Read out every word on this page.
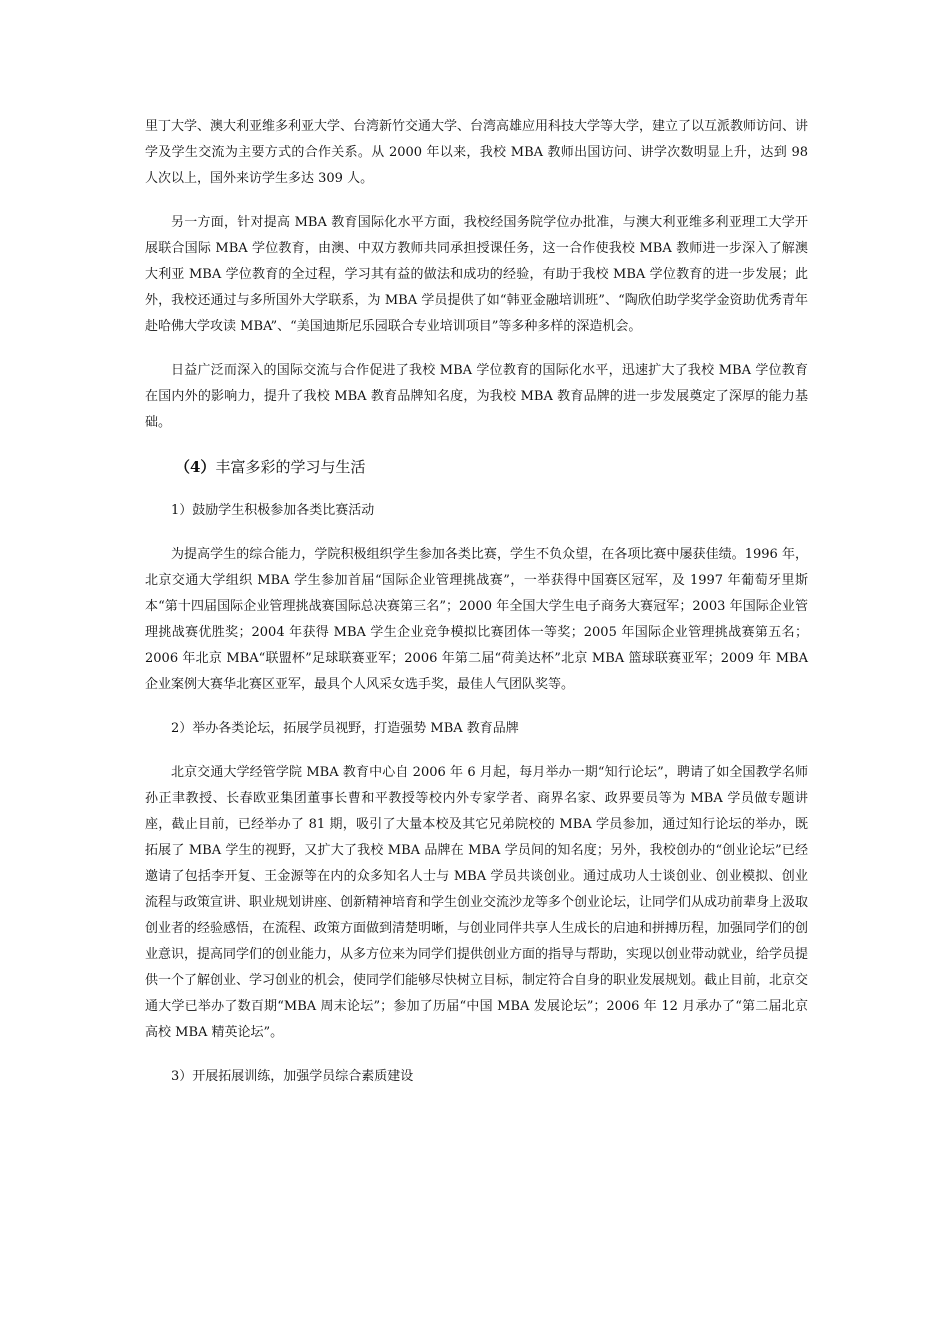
里丁大学、澳大利亚维多利亚大学、台湾新竹交通大学、台湾高雄应用科技大学等大学，建立了以互派教师访问、讲学及学生交流为主要方式的合作关系。从 2000 年以来，我校 MBA 教师出国访问、讲学次数明显上升，达到 98 人次以上，国外来访学生多达 309 人。

另一方面，针对提高 MBA 教育国际化水平方面，我校经国务院学位办批准，与澳大利亚维多利亚理工大学开展联合国际 MBA 学位教育，由澳、中双方教师共同承担授课任务，这一合作使我校 MBA 教师进一步深入了解澳大利亚 MBA 学位教育的全过程，学习其有益的做法和成功的经验，有助于我校 MBA 学位教育的进一步发展；此外，我校还通过与多所国外大学联系，为 MBA 学员提供了如“韩亚金融培训班”、“陶欣伯助学奖学金资助优秀青年赴哈佛大学攻读 MBA”、“美国迪斯尼乐园联合专业培训项目”等多种多样的深造机会。

日益广泛而深入的国际交流与合作促进了我校 MBA 学位教育的国际化水平，迅速扩大了我校 MBA 学位教育在国内外的影响力，提升了我校 MBA 教育品牌知名度，为我校 MBA 教育品牌的进一步发展奠定了深厚的能力基础。

（4）丰富多彩的学习与生活

1）鼓励学生积极参加各类比赛活动

为提高学生的综合能力，学院积极组织学生参加各类比赛，学生不负众望，在各项比赛中屡获佳绩。1996 年，北京交通大学组织 MBA 学生参加首届“国际企业管理挑战赛”，一举获得中国赛区冠军，及 1997 年葡萄牙里斯本“第十四届国际企业管理挑战赛国际总决赛第三名”；2000 年全国大学生电子商务大赛冠军；2003 年国际企业管理挑战赛优胜奖；2004 年获得 MBA 学生企业竞争模拟比赛团体一等奖；2005 年国际企业管理挑战赛第五名；2006 年北京 MBA“联盟杯”足球联赛亚军；2006 年第二届“荷美达杯”北京 MBA 篮球联赛亚军；2009 年 MBA 企业案例大赛华北赛区亚军，最具个人风采女选手奖，最佳人气团队奖等。

2）举办各类论坛，拓展学员视野，打造强势 MBA 教育品牌

北京交通大学经管学院 MBA 教育中心自 2006 年 6 月起，每月举办一期“知行论坛”，聘请了如全国教学名师孙正聿教授、长春欧亚集团董事长曹和平教授等校内外专家学者、商界名家、政界要员等为 MBA 学员做专题讲座，截止目前，已经举办了 81 期，吸引了大量本校及其它兄弟院校的 MBA 学员参加，通过知行论坛的举办，既拓展了 MBA 学生的视野，又扩大了我校 MBA 品牌在 MBA 学员间的知名度；另外，我校创办的“创业论坛”已经邀请了包括李开复、王金源等在内的众多知名人士与 MBA 学员共谈创业。通过成功人士谈创业、创业模拟、创业流程与政策宣讲、职业规划讲座、创新精神培育和学生创业交流沙龙等多个创业论坛，让同学们从成功前辈身上汲取创业者的经验感悟，在流程、政策方面做到清楚明晰，与创业同伴共享人生成长的启迪和拼搏历程，加强同学们的创业意识，提高同学们的创业能力，从多方位来为同学们提供创业方面的指导与帮助，实现以创业带动就业，给学员提供一个了解创业、学习创业的机会，使同学们能够尽快树立目标，制定符合自身的职业发展规划。截止目前，北京交通大学已举办了数百期“MBA 周末论坛”；参加了历届“中国 MBA 发展论坛”；2006 年 12 月承办了“第二届北京高校 MBA 精英论坛”。

3）开展拓展训练，加强学员综合素质建设
